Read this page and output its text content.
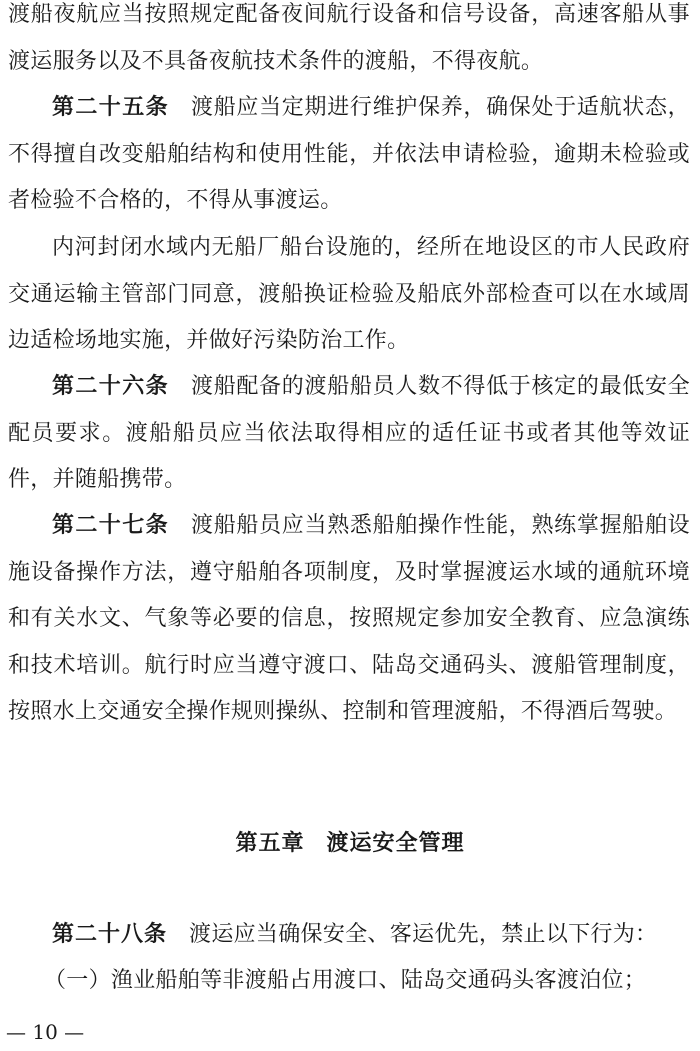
渡船夜航应当按照规定配备夜间航行设备和信号设备，高速客船从事渡运服务以及不具备夜航技术条件的渡船，不得夜航。

第二十五条 渡船应当定期进行维护保养，确保处于适航状态，不得擅自改变船舶结构和使用性能，并依法申请检验，逾期未检验或者检验不合格的，不得从事渡运。

内河封闭水域内无船厂船台设施的，经所在地设区的市人民政府交通运输主管部门同意，渡船换证检验及船底外部检查可以在水域周边适检场地实施，并做好污染防治工作。

第二十六条 渡船配备的渡船船员人数不得低于核定的最低安全配员要求。渡船船员应当依法取得相应的适任证书或者其他等效证件，并随船携带。

第二十七条 渡船船员应当熟悉船舶操作性能，熟练掌握船舶设施设备操作方法，遵守船舶各项制度，及时掌握渡运水域的通航环境和有关水文、气象等必要的信息，按照规定参加安全教育、应急演练和技术培训。航行时应当遵守渡口、陆岛交通码头、渡船管理制度，按照水上交通安全操作规则操纵、控制和管理渡船，不得酒后驾驶。

第五章 渡运安全管理

第二十八条 渡运应当确保安全、客运优先，禁止以下行为：

（一）渔业船舶等非渡船占用渡口、陆岛交通码头客渡泊位；

— 10 —
